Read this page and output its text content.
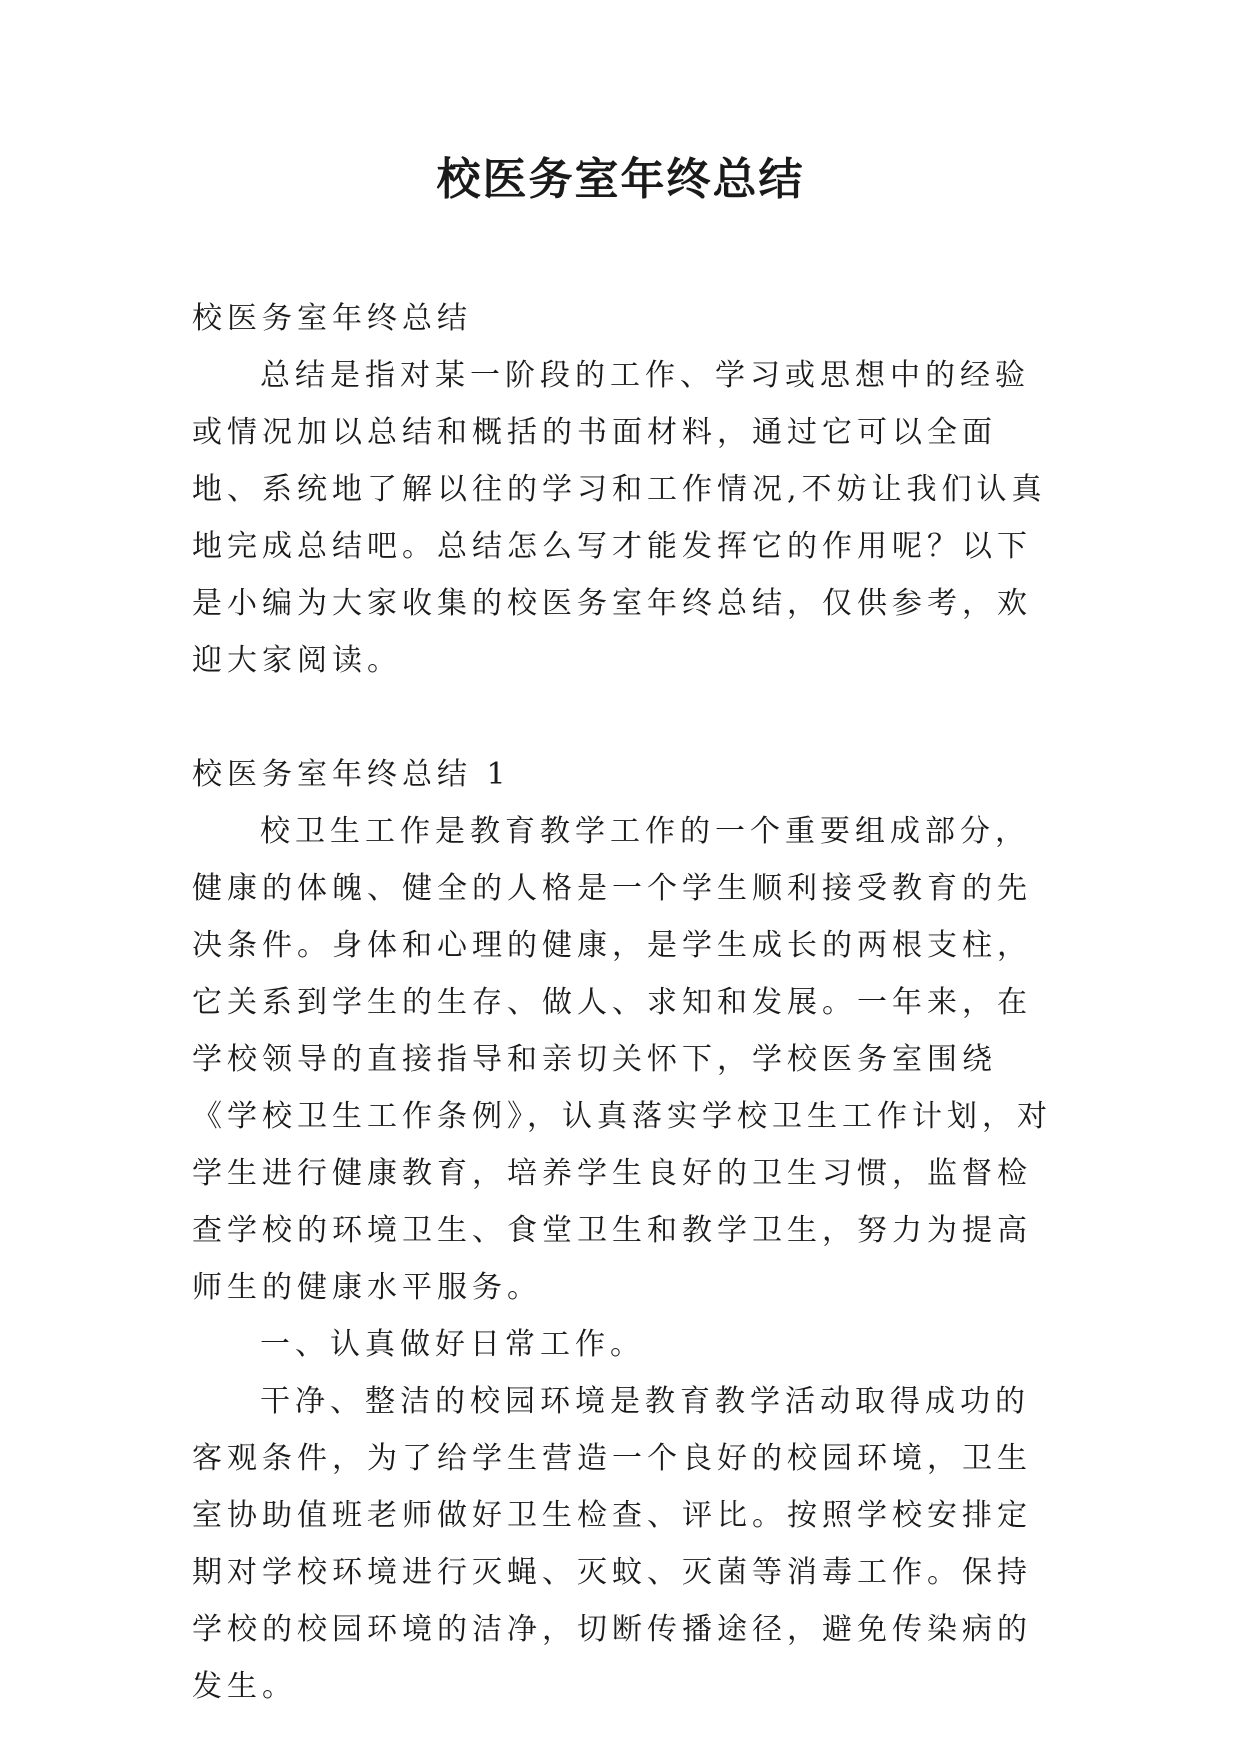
校医务室年终总结

校医务室年终总结

总结是指对某一阶段的工作、学习或思想中的经验或情况加以总结和概括的书面材料，通过它可以全面地、系统地了解以往的学习和工作情况,不妨让我们认真地完成总结吧。总结怎么写才能发挥它的作用呢？以下是小编为大家收集的校医务室年终总结，仅供参考，欢迎大家阅读。

校医务室年终总结 1

校卫生工作是教育教学工作的一个重要组成部分，健康的体魄、健全的人格是一个学生顺利接受教育的先决条件。身体和心理的健康，是学生成长的两根支柱，它关系到学生的生存、做人、求知和发展。一年来，在学校领导的直接指导和亲切关怀下，学校医务室围绕《学校卫生工作条例》，认真落实学校卫生工作计划，对学生进行健康教育，培养学生良好的卫生习惯，监督检查学校的环境卫生、食堂卫生和教学卫生，努力为提高师生的健康水平服务。

一、认真做好日常工作。

干净、整洁的校园环境是教育教学活动取得成功的客观条件，为了给学生营造一个良好的校园环境，卫生室协助值班老师做好卫生检查、评比。按照学校安排定期对学校环境进行灭蝇、灭蚊、灭菌等消毒工作。保持学校的校园环境的洁净，切断传播途径，避免传染病的发生。
